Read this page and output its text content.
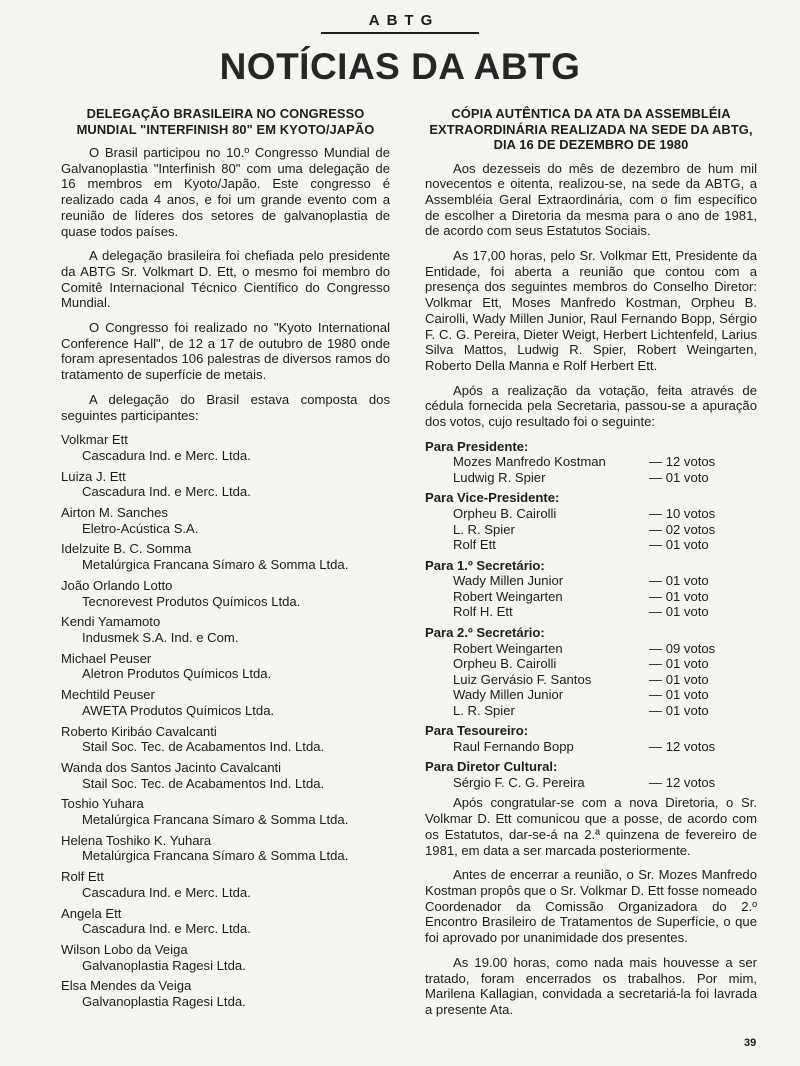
ABTG
NOTÍCIAS DA ABTG
DELEGAÇÃO BRASILEIRA NO CONGRESSO MUNDIAL "INTERFINISH 80" EM KYOTO/JAPÃO

O Brasil participou no 10.º Congresso Mundial de Galvanoplastia "Interfinish 80" com uma delegação de 16 membros em Kyoto/Japão. Este congresso é realizado cada 4 anos, e foi um grande evento com a reunião de líderes dos setores de galvanoplastia de quase todos países.

A delegação brasileira foi chefiada pelo presidente da ABTG Sr. Volkmart D. Ett, o mesmo foi membro do Comitê Internacional Técnico Científico do Congresso Mundial.

O Congresso foi realizado no "Kyoto International Conference Hall", de 12 a 17 de outubro de 1980 onde foram apresentados 106 palestras de diversos ramos do tratamento de superfície de metais.

A delegação do Brasil estava composta dos seguintes participantes:

Volkmar Ett
Cascadura Ind. e Merc. Ltda.
Luiza J. Ett
Cascadura Ind. e Merc. Ltda.
Airton M. Sanches
Eletro-Acústica S.A.
Idelzuite B. C. Somma
Metalúrgica Francana Símaro & Somma Ltda.
João Orlando Lotto
Tecnorevest Produtos Químicos Ltda.
Kendi Yamamoto
Indusmek S.A. Ind. e Com.
Michael Peuser
Aletron Produtos Químicos Ltda.
Mechtild Peuser
AWETA Produtos Químicos Ltda.
Roberto Kiribáo Cavalcanti
Stail Soc. Tec. de Acabamentos Ind. Ltda.
Wanda dos Santos Jacinto Cavalcanti
Stail Soc. Tec. de Acabamentos Ind. Ltda.
Toshio Yuhara
Metalúrgica Francana Símaro & Somma Ltda.
Helena Toshiko K. Yuhara
Metalúrgica Francana Símaro & Somma Ltda.
Rolf Ett
Cascadura Ind. e Merc. Ltda.
Angela Ett
Cascadura Ind. e Merc. Ltda.
Wilson Lobo da Veiga
Galvanoplastia Ragesi Ltda.
Elsa Mendes da Veiga
Galvanoplastia Ragesi Ltda.
CÓPIA AUTÊNTICA DA ATA DA ASSEMBLÉIA EXTRAORDINÁRIA REALIZADA NA SEDE DA ABTG, DIA 16 DE DEZEMBRO DE 1980

Aos dezesseis do mês de dezembro de hum mil novecentos e oitenta, realizou-se, na sede da ABTG, a Assembléia Geral Extraordinária, com o fim específico de escolher a Diretoria da mesma para o ano de 1981, de acordo com seus Estatutos Sociais.

As 17,00 horas, pelo Sr. Volkmar Ett, Presidente da Entidade, foi aberta a reunião que contou com a presença dos seguintes membros do Conselho Diretor: Volkmar Ett, Moses Manfredo Kostman, Orpheu B. Cairolli, Wady Millen Junior, Raul Fernando Bopp, Sérgio F. C. G. Pereira, Dieter Weigt, Herbert Lichtenfeld, Larius Silva Mattos, Ludwig R. Spier, Robert Weingarten, Roberto Della Manna e Rolf Herbert Ett.

Após a realização da votação, feita através de cédula fornecida pela Secretaria, passou-se a apuração dos votos, cujo resultado foi o seguinte:

Para Presidente:
Mozes Manfredo Kostman	— 12 votos
Ludwig R. Spier	— 01 voto
Para Vice-Presidente:
Orpheu B. Cairolli	— 10 votos
L. R. Spier	— 02 votos
Rolf Ett	— 01 voto
Para 1.º Secretário:
Wady Millen Junior	— 01 voto
Robert Weingarten	— 01 voto
Rolf H. Ett	— 01 voto
Para 2.º Secretário:
Robert Weingarten	— 09 votos
Orpheu B. Cairolli	— 01 voto
Luiz Gervásio F. Santos	— 01 voto
Wady Millen Junior	— 01 voto
L. R. Spier	— 01 voto
Para Tesoureiro:
Raul Fernando Bopp	— 12 votos
Para Diretor Cultural:
Sérgio F. C. G. Pereira	— 12 votos

Após congratular-se com a nova Diretoria, o Sr. Volkmar D. Ett comunicou que a posse, de acordo com os Estatutos, dar-se-á na 2.ª quinzena de fevereiro de 1981, em data a ser marcada posteriormente.

Antes de encerrar a reunião, o Sr. Mozes Manfredo Kostman propôs que o Sr. Volkmar D. Ett fosse nomeado Coordenador da Comissão Organizadora do 2.º Encontro Brasileiro de Tratamentos de Superfície, o que foi aprovado por unanimidade dos presentes.

As 19.00 horas, como nada mais houvesse a ser tratado, foram encerrados os trabalhos. Por mim, Marilena Kallagian, convidada a secretariá-la foi lavrada a presente Ata.

39
